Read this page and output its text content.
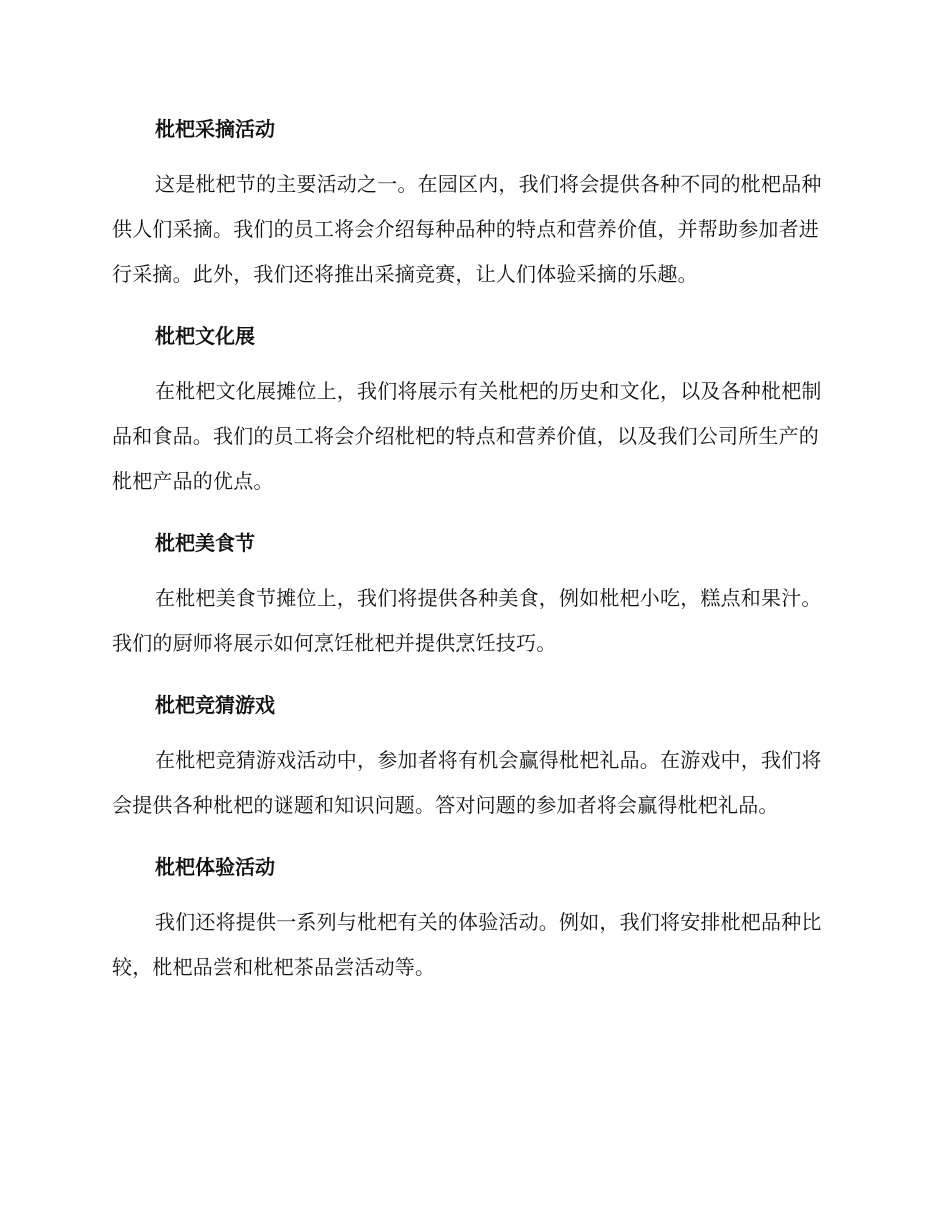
枇杷采摘活动

这是枇杷节的主要活动之一。在园区内，我们将会提供各种不同的枇杷品种供人们采摘。我们的员工将会介绍每种品种的特点和营养价值，并帮助参加者进行采摘。此外，我们还将推出采摘竞赛，让人们体验采摘的乐趣。

枇杷文化展

在枇杷文化展摊位上，我们将展示有关枇杷的历史和文化，以及各种枇杷制品和食品。我们的员工将会介绍枇杷的特点和营养价值，以及我们公司所生产的枇杷产品的优点。

枇杷美食节

在枇杷美食节摊位上，我们将提供各种美食，例如枇杷小吃，糕点和果汁。我们的厨师将展示如何烹饪枇杷并提供烹饪技巧。

枇杷竞猜游戏

在枇杷竞猜游戏活动中，参加者将有机会赢得枇杷礼品。在游戏中，我们将会提供各种枇杷的谜题和知识问题。答对问题的参加者将会赢得枇杷礼品。

枇杷体验活动

我们还将提供一系列与枇杷有关的体验活动。例如，我们将安排枇杷品种比较，枇杷品尝和枇杷茶品尝活动等。
